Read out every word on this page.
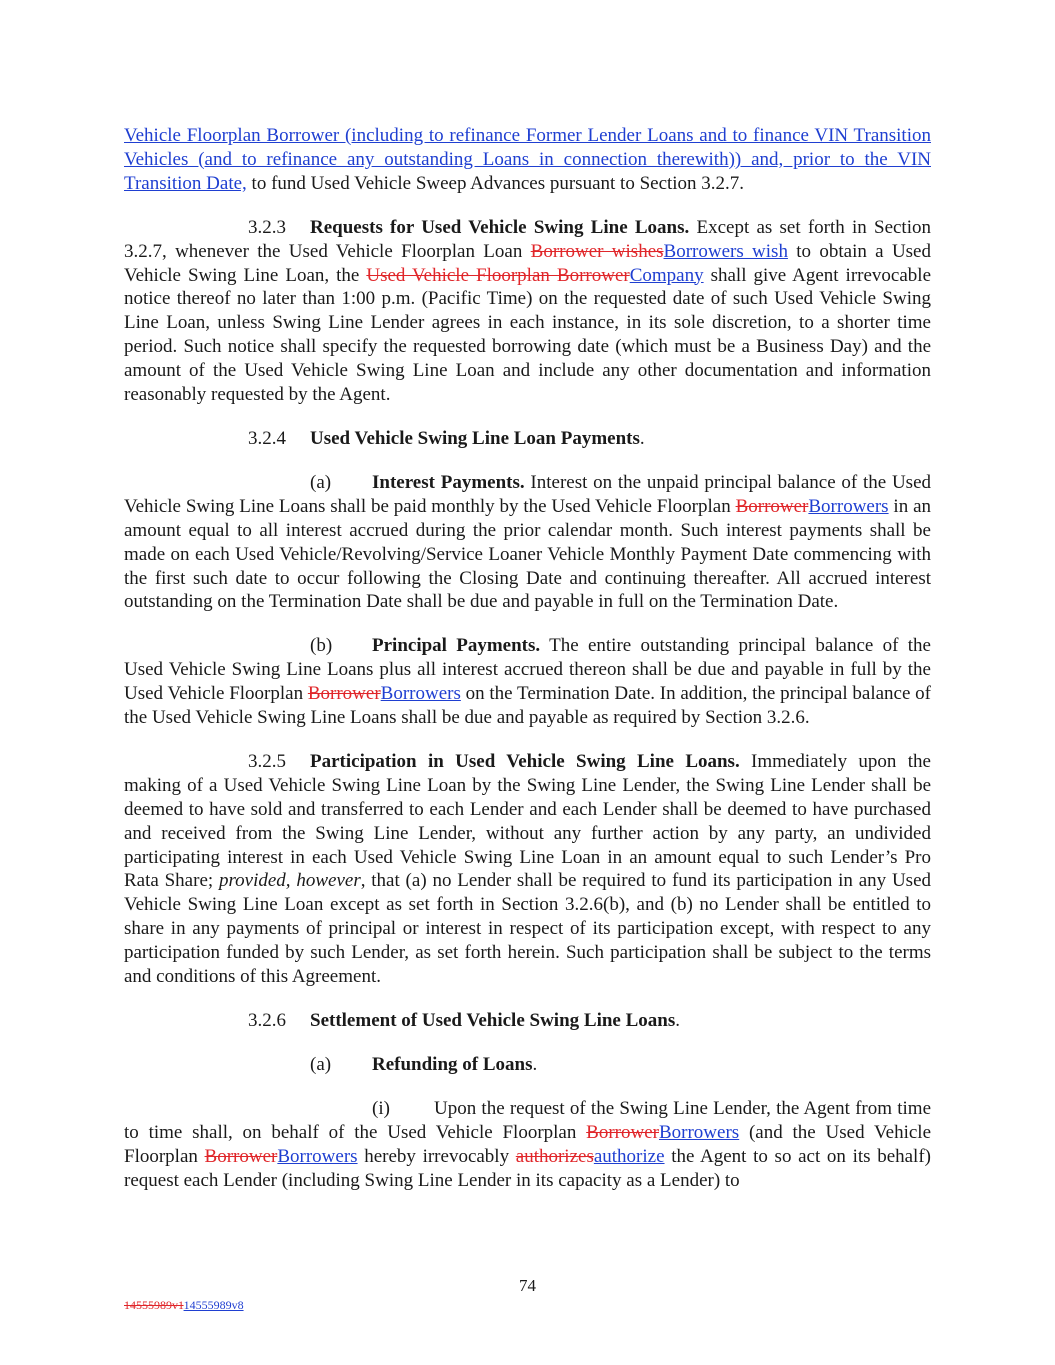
Vehicle Floorplan Borrower (including to refinance Former Lender Loans and to finance VIN Transition Vehicles (and to refinance any outstanding Loans in connection therewith)) and, prior to the VIN Transition Date, to fund Used Vehicle Sweep Advances pursuant to Section 3.2.7.

3.2.3 Requests for Used Vehicle Swing Line Loans. Except as set forth in Section 3.2.7, whenever the Used Vehicle Floorplan Loan Borrower wishesBorrowers wish to obtain a Used Vehicle Swing Line Loan, the Used Vehicle Floorplan BorrowerCompany shall give Agent irrevocable notice thereof no later than 1:00 p.m. (Pacific Time) on the requested date of such Used Vehicle Swing Line Loan, unless Swing Line Lender agrees in each instance, in its sole discretion, to a shorter time period. Such notice shall specify the requested borrowing date (which must be a Business Day) and the amount of the Used Vehicle Swing Line Loan and include any other documentation and information reasonably requested by the Agent.

3.2.4 Used Vehicle Swing Line Loan Payments.

(a) Interest Payments. Interest on the unpaid principal balance of the Used Vehicle Swing Line Loans shall be paid monthly by the Used Vehicle Floorplan BorrowerBorrowers in an amount equal to all interest accrued during the prior calendar month. Such interest payments shall be made on each Used Vehicle/Revolving/Service Loaner Vehicle Monthly Payment Date commencing with the first such date to occur following the Closing Date and continuing thereafter. All accrued interest outstanding on the Termination Date shall be due and payable in full on the Termination Date.

(b) Principal Payments. The entire outstanding principal balance of the Used Vehicle Swing Line Loans plus all interest accrued thereon shall be due and payable in full by the Used Vehicle Floorplan BorrowerBorrowers on the Termination Date. In addition, the principal balance of the Used Vehicle Swing Line Loans shall be due and payable as required by Section 3.2.6.

3.2.5 Participation in Used Vehicle Swing Line Loans. Immediately upon the making of a Used Vehicle Swing Line Loan by the Swing Line Lender, the Swing Line Lender shall be deemed to have sold and transferred to each Lender and each Lender shall be deemed to have purchased and received from the Swing Line Lender, without any further action by any party, an undivided participating interest in each Used Vehicle Swing Line Loan in an amount equal to such Lender’s Pro Rata Share; provided, however, that (a) no Lender shall be required to fund its participation in any Used Vehicle Swing Line Loan except as set forth in Section 3.2.6(b), and (b) no Lender shall be entitled to share in any payments of principal or interest in respect of its participation except, with respect to any participation funded by such Lender, as set forth herein. Such participation shall be subject to the terms and conditions of this Agreement.

3.2.6 Settlement of Used Vehicle Swing Line Loans.

(a) Refunding of Loans.

(i) Upon the request of the Swing Line Lender, the Agent from time to time shall, on behalf of the Used Vehicle Floorplan BorrowerBorrowers (and the Used Vehicle Floorplan BorrowerBorrowers hereby irrevocably authorizesauthorize the Agent to so act on its behalf) request each Lender (including Swing Line Lender in its capacity as a Lender) to

74
14555989v114555989v8
